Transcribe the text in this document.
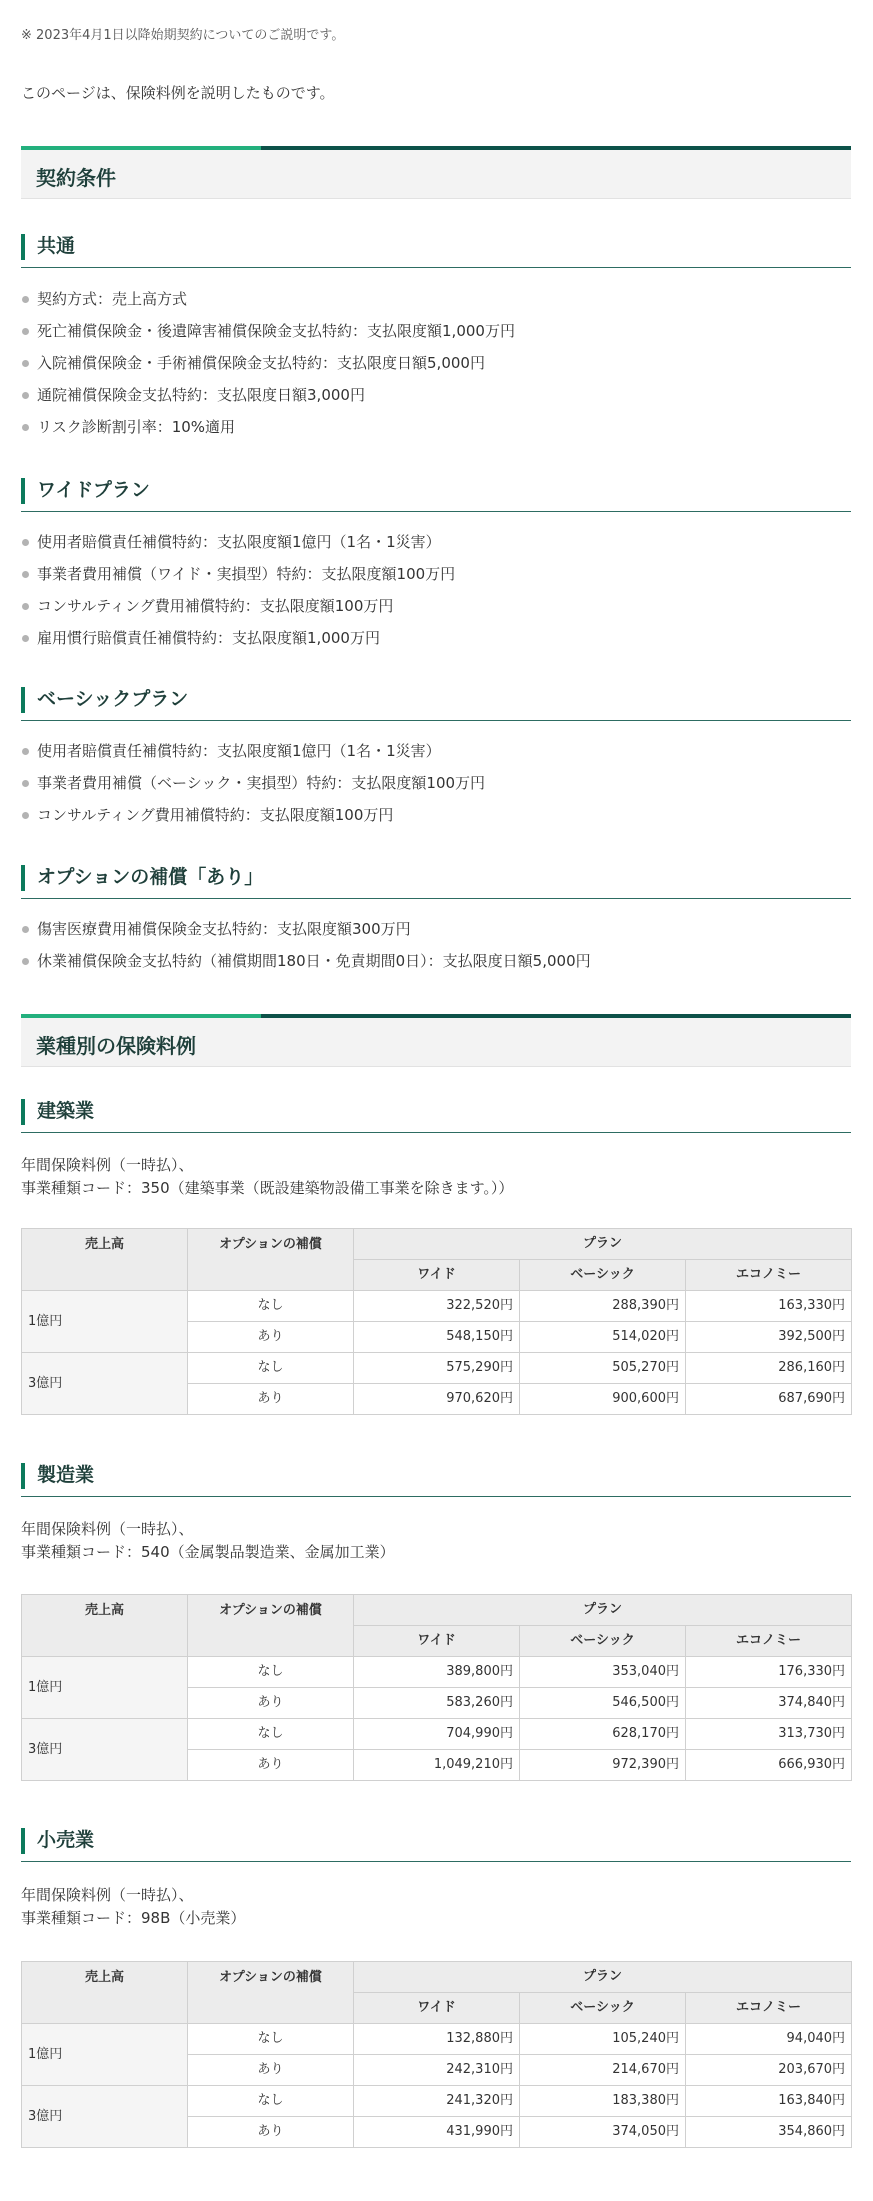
※ 2023年4月1日以降始期契約についてのご説明です。
このページは、保険料例を説明したものです。
契約条件
共通
契約方式：売上高方式
死亡補償保険金・後遺障害補償保険金支払特約：支払限度額1,000万円
入院補償保険金・手術補償保険金支払特約：支払限度日額5,000円
通院補償保険金支払特約：支払限度日額3,000円
リスク診断割引率：10%適用
ワイドプラン
使用者賠償責任補償特約：支払限度額1億円（1名・1災害）
事業者費用補償（ワイド・実損型）特約：支払限度額100万円
コンサルティング費用補償特約：支払限度額100万円
雇用慣行賠償責任補償特約：支払限度額1,000万円
ベーシックプラン
使用者賠償責任補償特約：支払限度額1億円（1名・1災害）
事業者費用補償（ベーシック・実損型）特約：支払限度額100万円
コンサルティング費用補償特約：支払限度額100万円
オプションの補償「あり」
傷害医療費用補償保険金支払特約：支払限度額300万円
休業補償保険金支払特約（補償期間180日・免責期間0日）：支払限度日額5,000円
業種別の保険料例
建築業
年間保険料例（一時払）、
事業種類コード：350（建築事業（既設建築物設備工事業を除きます。））
売上高	オプションの補償	プラン		
		ワイド	ベーシック	エコノミー
1億円	なし	322,520円	288,390円	163,330円
	あり	548,150円	514,020円	392,500円
3億円	なし	575,290円	505,270円	286,160円
	あり	970,620円	900,600円	687,690円
製造業
年間保険料例（一時払）、
事業種類コード：540（金属製品製造業、金属加工業）
売上高	オプションの補償	プラン		
		ワイド	ベーシック	エコノミー
1億円	なし	389,800円	353,040円	176,330円
	あり	583,260円	546,500円	374,840円
3億円	なし	704,990円	628,170円	313,730円
	あり	1,049,210円	972,390円	666,930円
小売業
年間保険料例（一時払）、
事業種類コード：98B（小売業）
売上高	オプションの補償	プラン		
		ワイド	ベーシック	エコノミー
1億円	なし	132,880円	105,240円	94,040円
	あり	242,310円	214,670円	203,670円
3億円	なし	241,320円	183,380円	163,840円
	あり	431,990円	374,050円	354,860円
